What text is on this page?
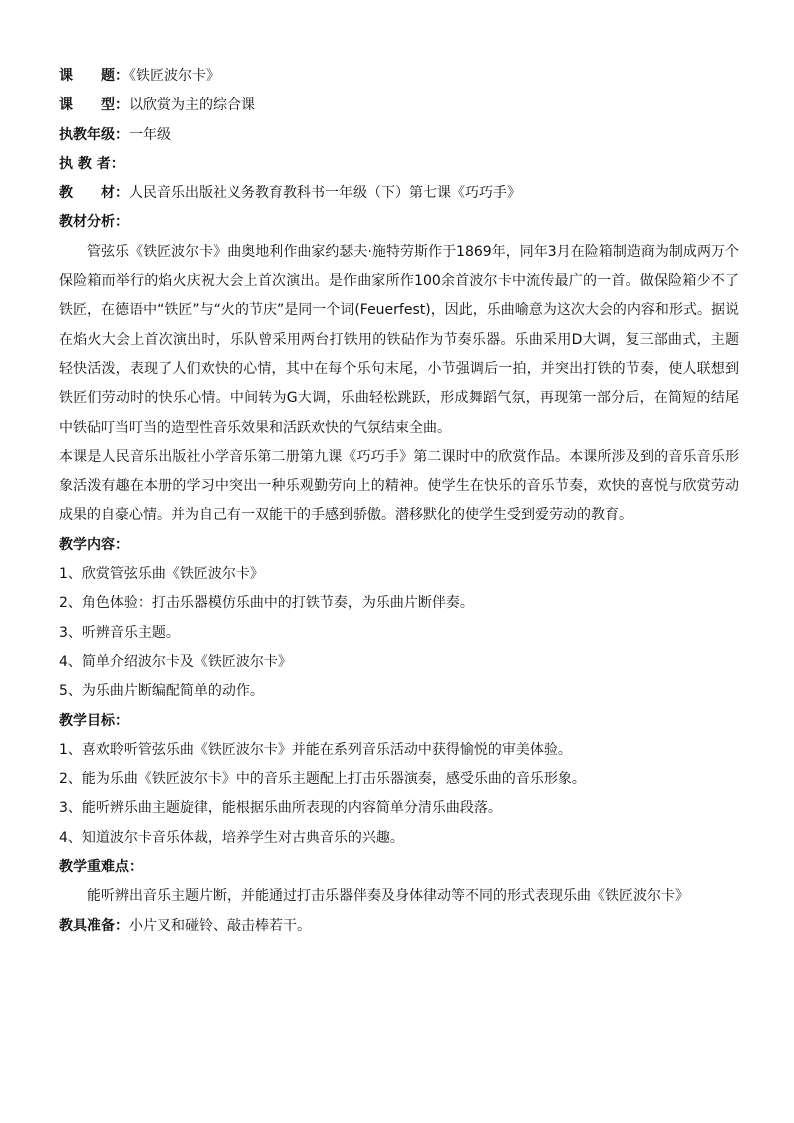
课　　题：《铁匠波尔卡》
课　　型：以欣赏为主的综合课
执教年级：一年级
执 教 者：
教　　材：人民音乐出版社义务教育教科书一年级（下）第七课《巧巧手》
教材分析：
管弦乐《铁匠波尔卡》曲奥地利作曲家约瑟夫·施特劳斯作于1869年，同年3月在险箱制造商为制成两万个保险箱而举行的焰火庆祝大会上首次演出。是作曲家所作100余首波尔卡中流传最广的一首。做保险箱少不了铁匠，在德语中“铁匠”与“火的节庆”是同一个词(Feuerfest)，因此，乐曲喻意为这次大会的内容和形式。据说在焰火大会上首次演出时，乐队曾采用两台打铁用的铁砧作为节奏乐器。乐曲采用D大调，复三部曲式，主题轻快活泼，表现了人们欢快的心情，其中在每个乐句末尾，小节强调后一拍，并突出打铁的节奏，使人联想到铁匠们劳动时的快乐心情。中间转为G大调，乐曲轻松跳跃，形成舞蹈气氛，再现第一部分后，在简短的结尾中铁砧叮当叮当的造型性音乐效果和活跃欢快的气氛结束全曲。
本课是人民音乐出版社小学音乐第二册第九课《巧巧手》第二课时中的欣赏作品。本课所涉及到的音乐音乐形象活泼有趣在本册的学习中突出一种乐观勤劳向上的精神。使学生在快乐的音乐节奏，欢快的喜悦与欣赏劳动成果的自豪心情。并为自己有一双能干的手感到骄傲。潜移默化的使学生受到爱劳动的教育。
教学内容：
1、欣赏管弦乐曲《铁匠波尔卡》
2、角色体验：打击乐器模仿乐曲中的打铁节奏，为乐曲片断伴奏。
3、听辨音乐主题。
4、简单介绍波尔卡及《铁匠波尔卡》
5、为乐曲片断编配简单的动作。
教学目标：
1、喜欢聆听管弦乐曲《铁匠波尔卡》并能在系列音乐活动中获得愉悦的审美体验。
2、能为乐曲《铁匠波尔卡》中的音乐主题配上打击乐器演奏，感受乐曲的音乐形象。
3、能听辨乐曲主题旋律，能根据乐曲所表现的内容简单分清乐曲段落。
4、知道波尔卡音乐体裁，培养学生对古典音乐的兴趣。
教学重难点：
能听辨出音乐主题片断，并能通过打击乐器伴奏及身体律动等不同的形式表现乐曲《铁匠波尔卡》
教具准备：小片叉和碰铃、敲击棒若干。
